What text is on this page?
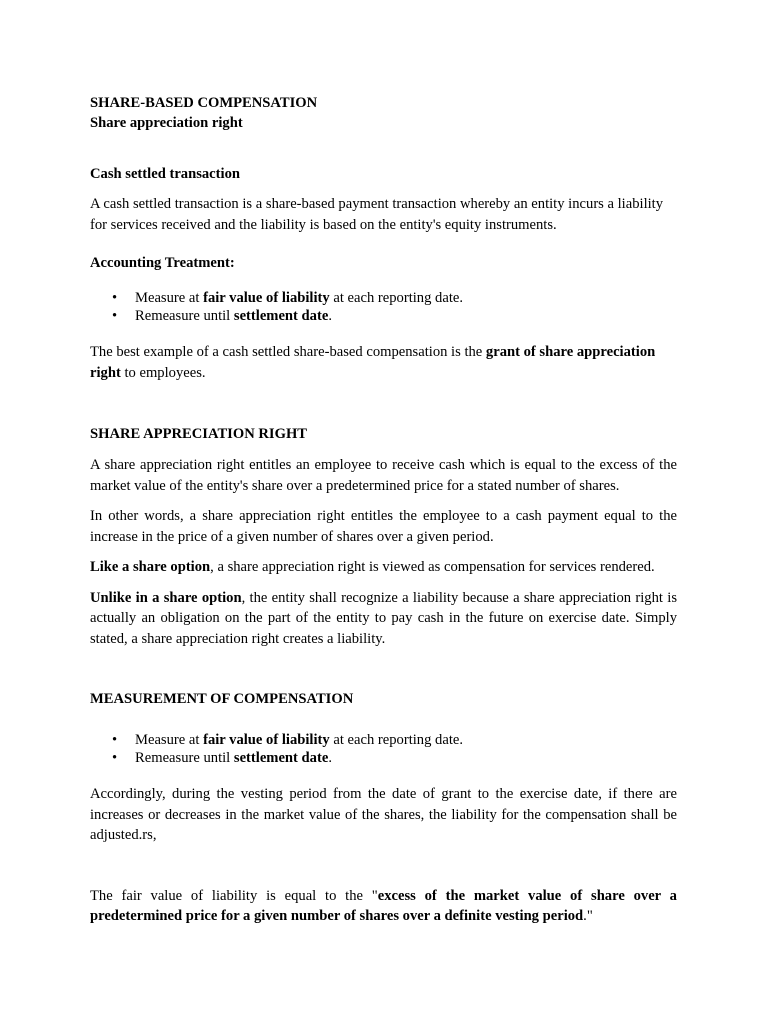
SHARE-BASED COMPENSATION

Share appreciation right

Cash settled transaction

A cash settled transaction is a share-based payment transaction whereby an entity incurs a liability for services received and the liability is based on the entity's equity instruments.

Accounting Treatment:

• Measure at fair value of liability at each reporting date.
• Remeasure until settlement date.

The best example of a cash settled share-based compensation is the grant of share appreciation right to employees.

SHARE APPRECIATION RIGHT

A share appreciation right entitles an employee to receive cash which is equal to the excess of the market value of the entity's share over a predetermined price for a stated number of shares.

In other words, a share appreciation right entitles the employee to a cash payment equal to the increase in the price of a given number of shares over a given period.

Like a share option, a share appreciation right is viewed as compensation for services rendered.

Unlike in a share option, the entity shall recognize a liability because a share appreciation right is actually an obligation on the part of the entity to pay cash in the future on exercise date. Simply stated, a share appreciation right creates a liability.

MEASUREMENT OF COMPENSATION

• Measure at fair value of liability at each reporting date.
• Remeasure until settlement date.

Accordingly, during the vesting period from the date of grant to the exercise date, if there are increases or decreases in the market value of the shares, the liability for the compensation shall be adjusted.rs,

The fair value of liability is equal to the "excess of the market value of share over a predetermined price for a given number of shares over a definite vesting period."
